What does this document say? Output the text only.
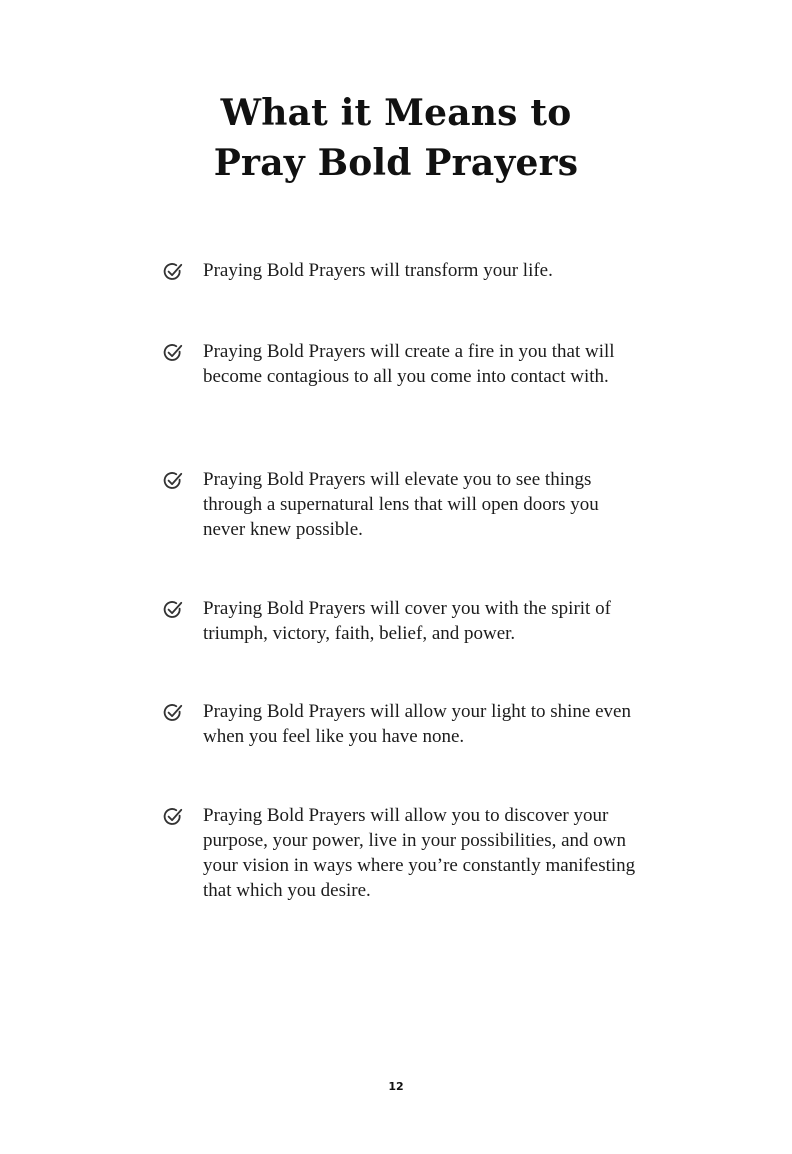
What it Means to
Pray Bold Prayers
Praying Bold Prayers will transform your life.
Praying Bold Prayers will create a fire in you that will become contagious to all you come into contact with.
Praying Bold Prayers will elevate you to see things through a supernatural lens that will open doors you never knew possible.
Praying Bold Prayers will cover you with the spirit of triumph, victory, faith, belief, and power.
Praying Bold Prayers will allow your light to shine even when you feel like you have none.
Praying Bold Prayers will allow you to discover your purpose, your power, live in your possibilities, and own your vision in ways where you’re constantly manifesting that which you desire.
12
